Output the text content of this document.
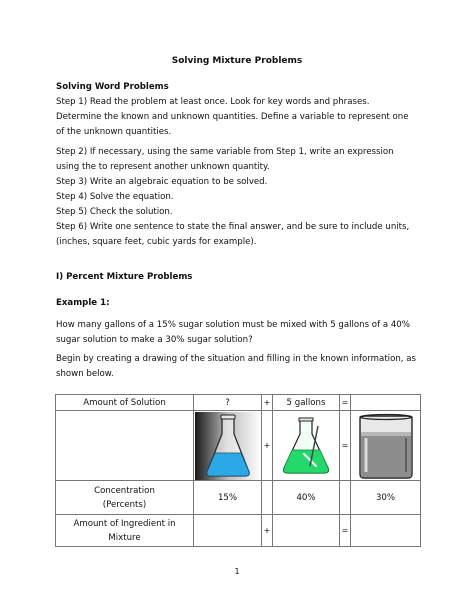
Solving Mixture Problems
Solving Word Problems
Step 1) Read the problem at least once. Look for key words and phrases.
Determine the known and unknown quantities. Define a variable to represent one
of the unknown quantities.
Step 2) If necessary, using the same variable from Step 1, write an expression
using the to represent another unknown quantity.
Step 3) Write an algebraic equation to be solved.
Step 4) Solve the equation.
Step 5) Check the solution.
Step 6) Write one sentence to state the final answer, and be sure to include units,
(inches, square feet, cubic yards for example).
I) Percent Mixture Problems
Example 1:
How many gallons of a 15% sugar solution must be mixed with 5 gallons of a 40%
sugar solution to make a 30% sugar solution?
Begin by creating a drawing of the situation and filling in the known information, as
shown below.
Amount of Solution	?	+	5 gallons	=	

	+		=	

Concentration
(Percents)	15%		40%		30%
Amount of Ingredient in
Mixture		+		=	
1
